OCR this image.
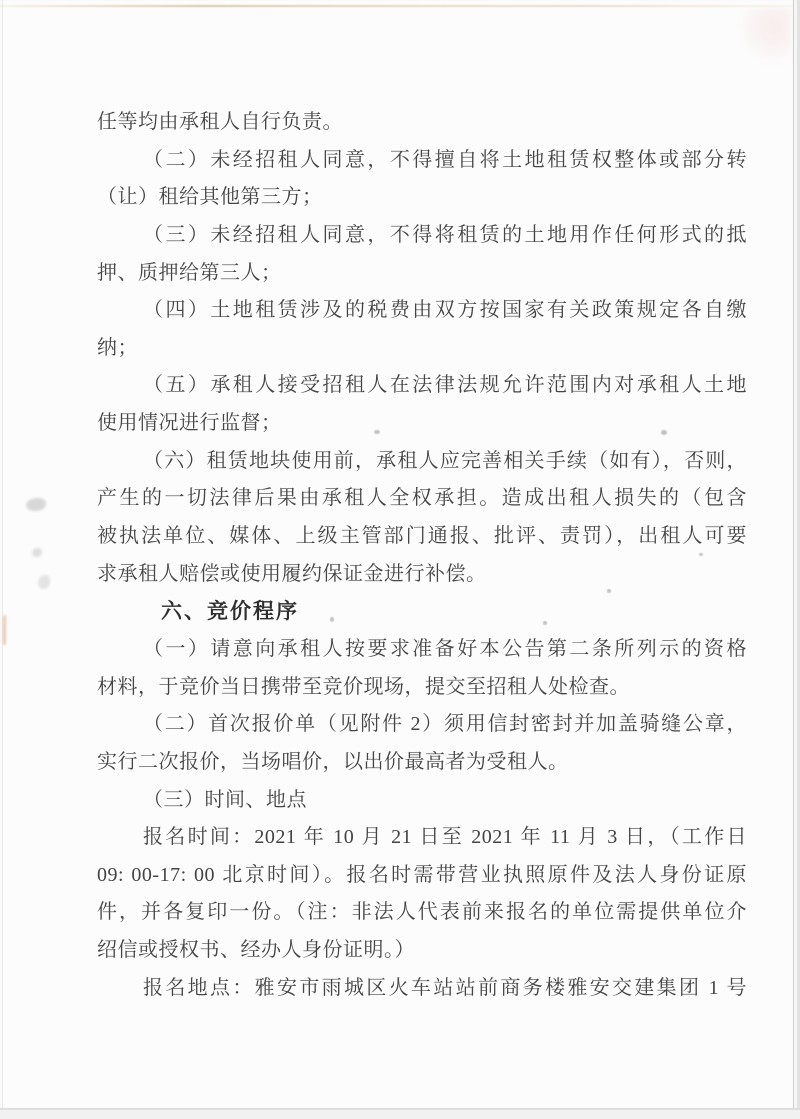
任等均由承租人自行负责。
（二）未经招租人同意，不得擅自将土地租赁权整体或部分转
（让）租给其他第三方；
（三）未经招租人同意，不得将租赁的土地用作任何形式的抵
押、质押给第三人；
（四）土地租赁涉及的税费由双方按国家有关政策规定各自缴
纳；
（五）承租人接受招租人在法律法规允许范围内对承租人土地
使用情况进行监督；
（六）租赁地块使用前，承租人应完善相关手续（如有），否则，
产生的一切法律后果由承租人全权承担。造成出租人损失的（包含
被执法单位、媒体、上级主管部门通报、批评、责罚），出租人可要
求承租人赔偿或使用履约保证金进行补偿。
六、竞价程序
（一）请意向承租人按要求准备好本公告第二条所列示的资格
材料，于竞价当日携带至竞价现场，提交至招租人处检查。
（二）首次报价单（见附件 2）须用信封密封并加盖骑缝公章，
实行二次报价，当场唱价，以出价最高者为受租人。
（三）时间、地点
报名时间：2021 年 10 月 21 日至 2021 年 11 月 3 日，（工作日
09: 00-17: 00 北京时间）。报名时需带营业执照原件及法人身份证原
件，并各复印一份。（注：非法人代表前来报名的单位需提供单位介
绍信或授权书、经办人身份证明。）
报名地点：雅安市雨城区火车站站前商务楼雅安交建集团 1 号
